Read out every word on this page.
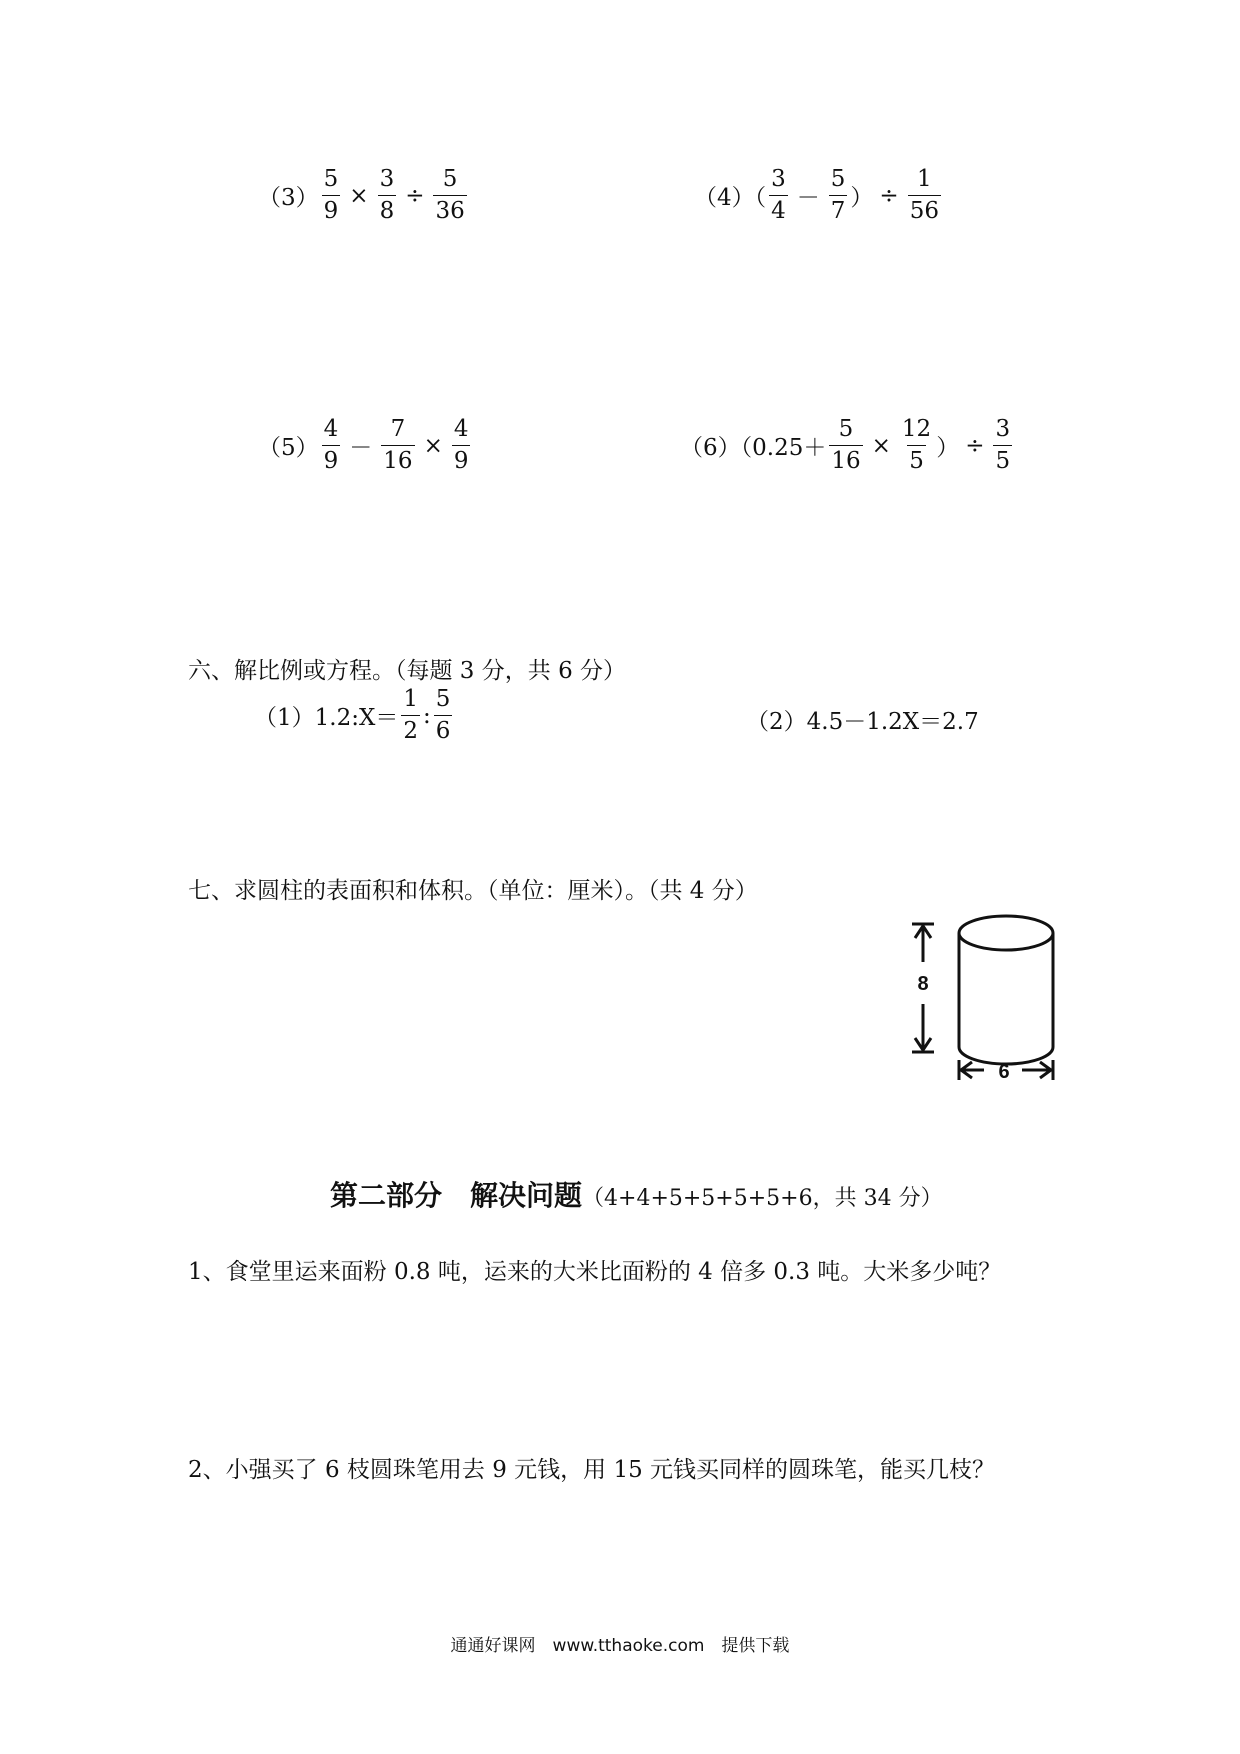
$(3) \frac{5}{9} \times \frac{3}{8} \div \frac{5}{36}$	$(4)( \frac{3}{4} - \frac{5}{7}$ ） ÷ $\frac{1}{56}$
$(5) \frac{4}{9} - \frac{7}{16} \times \frac{4}{9}$	$(6)(0.25+ \frac{5}{16} \times \frac{12}{5}$ ） ÷ $\frac{3}{5}$
六、解比例或方程。（每题 3 分，共 6 分）
（1）1.2:X＝ $\frac{1}{2}$ : $\frac{5}{6}$	（2）4.5－1.2X＝2.7
七、求圆柱的表面积和体积。（单位：厘米）。（共 4 分）
8
6
第二部分　解决问题 （4+4+5+5+5+5+6，共 34 分）
1、食堂里运来面粉 0.8 吨，运来的大米比面粉的 4 倍多 0.3 吨。大米多少吨？
2、小强买了 6 枝圆珠笔用去 9 元钱，用 15 元钱买同样的圆珠笔，能买几枝？
通通好课网　www.tthaoke.com　提供下载
